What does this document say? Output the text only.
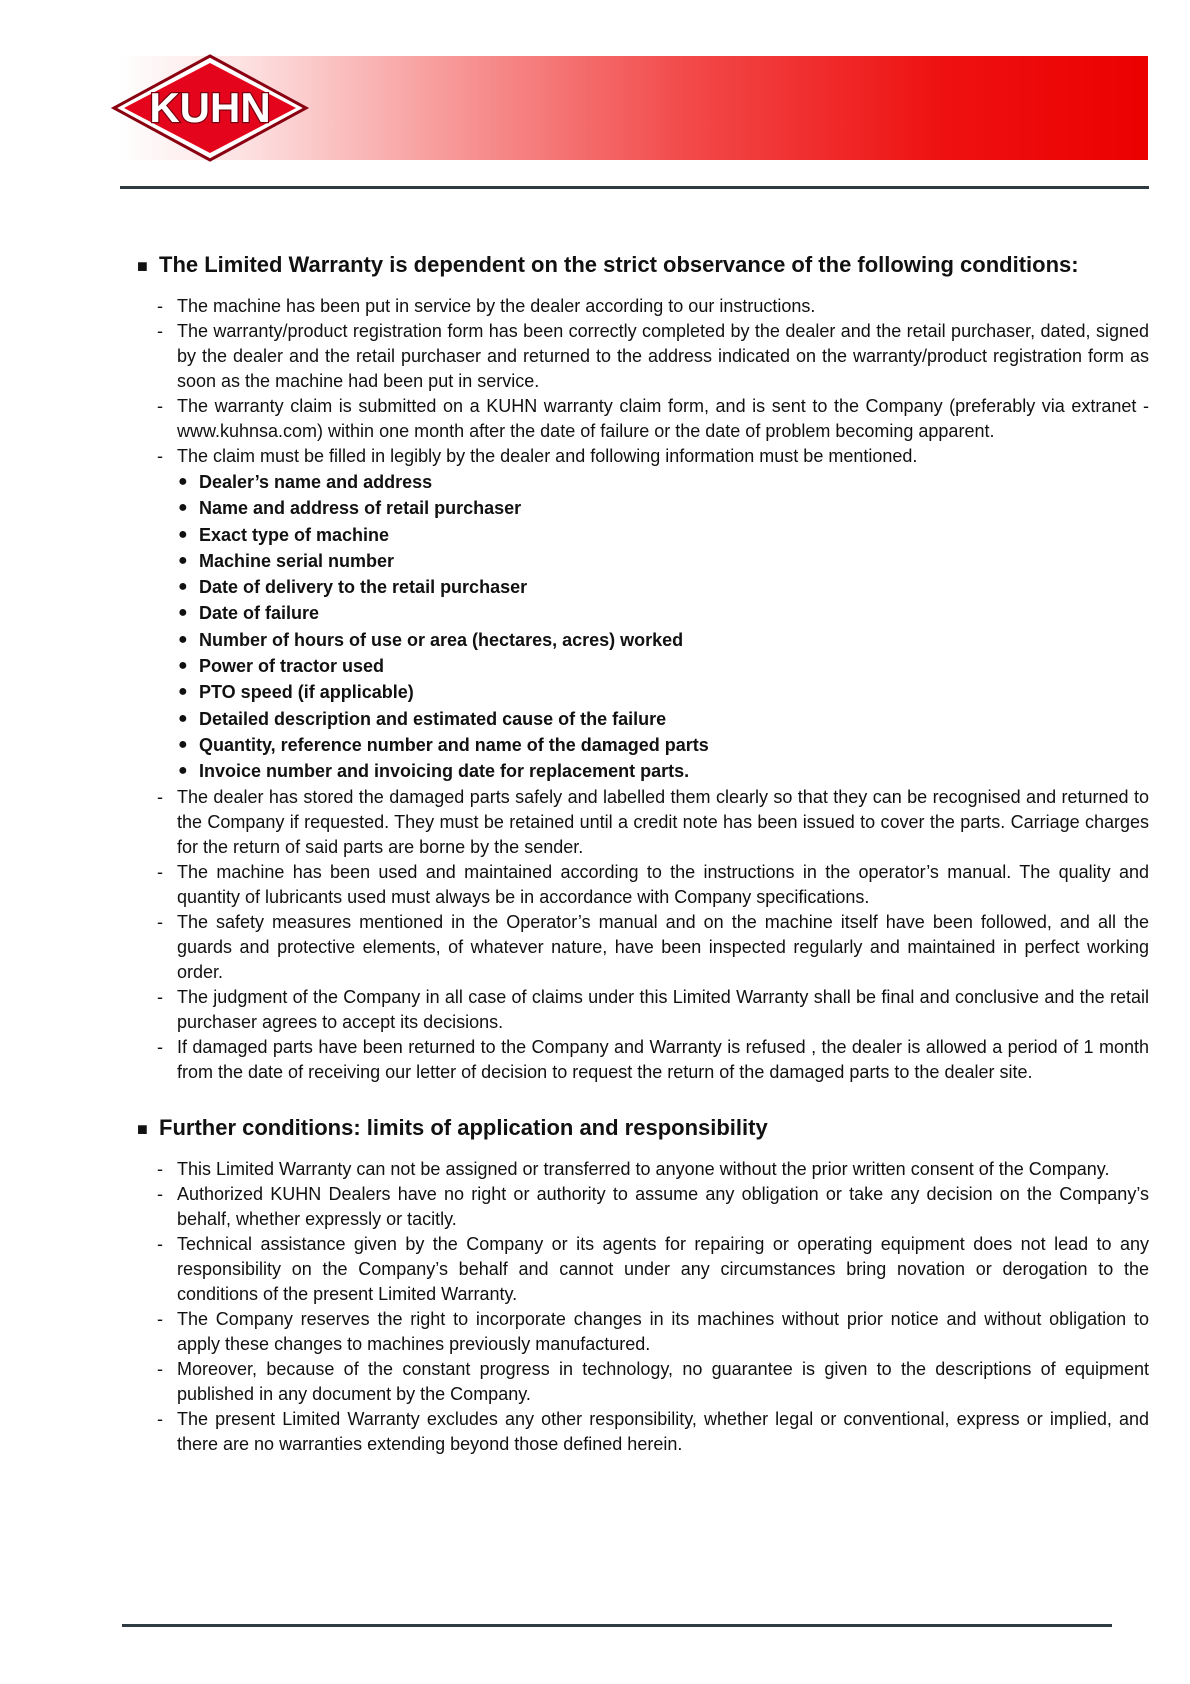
KUHN
■ The Limited Warranty is dependent on the strict observance of the following conditions:
- The machine has been put in service by the dealer according to our instructions.
- The warranty/product registration form has been correctly completed by the dealer and the retail purchaser, dated, signed by the dealer and the retail purchaser and returned to the address indicated on the warranty/product registration form as soon as the machine had been put in service.
- The warranty claim is submitted on a KUHN warranty claim form, and is sent to the Company (preferably via extranet - www.kuhnsa.com) within one month after the date of failure or the date of problem becoming apparent.
- The claim must be filled in legibly by the dealer and following information must be mentioned.
● Dealer’s name and address
● Name and address of retail purchaser
● Exact type of machine
● Machine serial number
● Date of delivery to the retail purchaser
● Date of failure
● Number of hours of use or area (hectares, acres) worked
● Power of tractor used
● PTO speed (if applicable)
● Detailed description and estimated cause of the failure
● Quantity, reference number and name of the damaged parts
● Invoice number and invoicing date for replacement parts.
- The dealer has stored the damaged parts safely and labelled them clearly so that they can be recognised and returned to the Company if requested. They must be retained until a credit note has been issued to cover the parts. Carriage charges for the return of said parts are borne by the sender.
- The machine has been used and maintained according to the instructions in the operator’s manual. The quality and quantity of lubricants used must always be in accordance with Company specifications.
- The safety measures mentioned in the Operator’s manual and on the machine itself have been followed, and all the guards and protective elements, of whatever nature, have been inspected regularly and maintained in perfect working order.
- The judgment of the Company in all case of claims under this Limited Warranty shall be final and conclusive and the retail purchaser agrees to accept its decisions.
- If damaged parts have been returned to the Company and Warranty is refused , the dealer is allowed a period of 1 month from the date of receiving our letter of decision to request the return of the damaged parts to the dealer site.
■ Further conditions: limits of application and responsibility
- This Limited Warranty can not be assigned or transferred to anyone without the prior written consent of the Company.
- Authorized KUHN Dealers have no right or authority to assume any obligation or take any decision on the Company’s behalf, whether expressly or tacitly.
- Technical assistance given by the Company or its agents for repairing or operating equipment does not lead to any responsibility on the Company’s behalf and cannot under any circumstances bring novation or derogation to the conditions of the present Limited Warranty.
- The Company reserves the right to incorporate changes in its machines without prior notice and without obligation to apply these changes to machines previously manufactured.
- Moreover, because of the constant progress in technology, no guarantee is given to the descriptions of equipment published in any document by the Company.
- The present Limited Warranty excludes any other responsibility, whether legal or conventional, express or implied, and there are no warranties extending beyond those defined herein.
